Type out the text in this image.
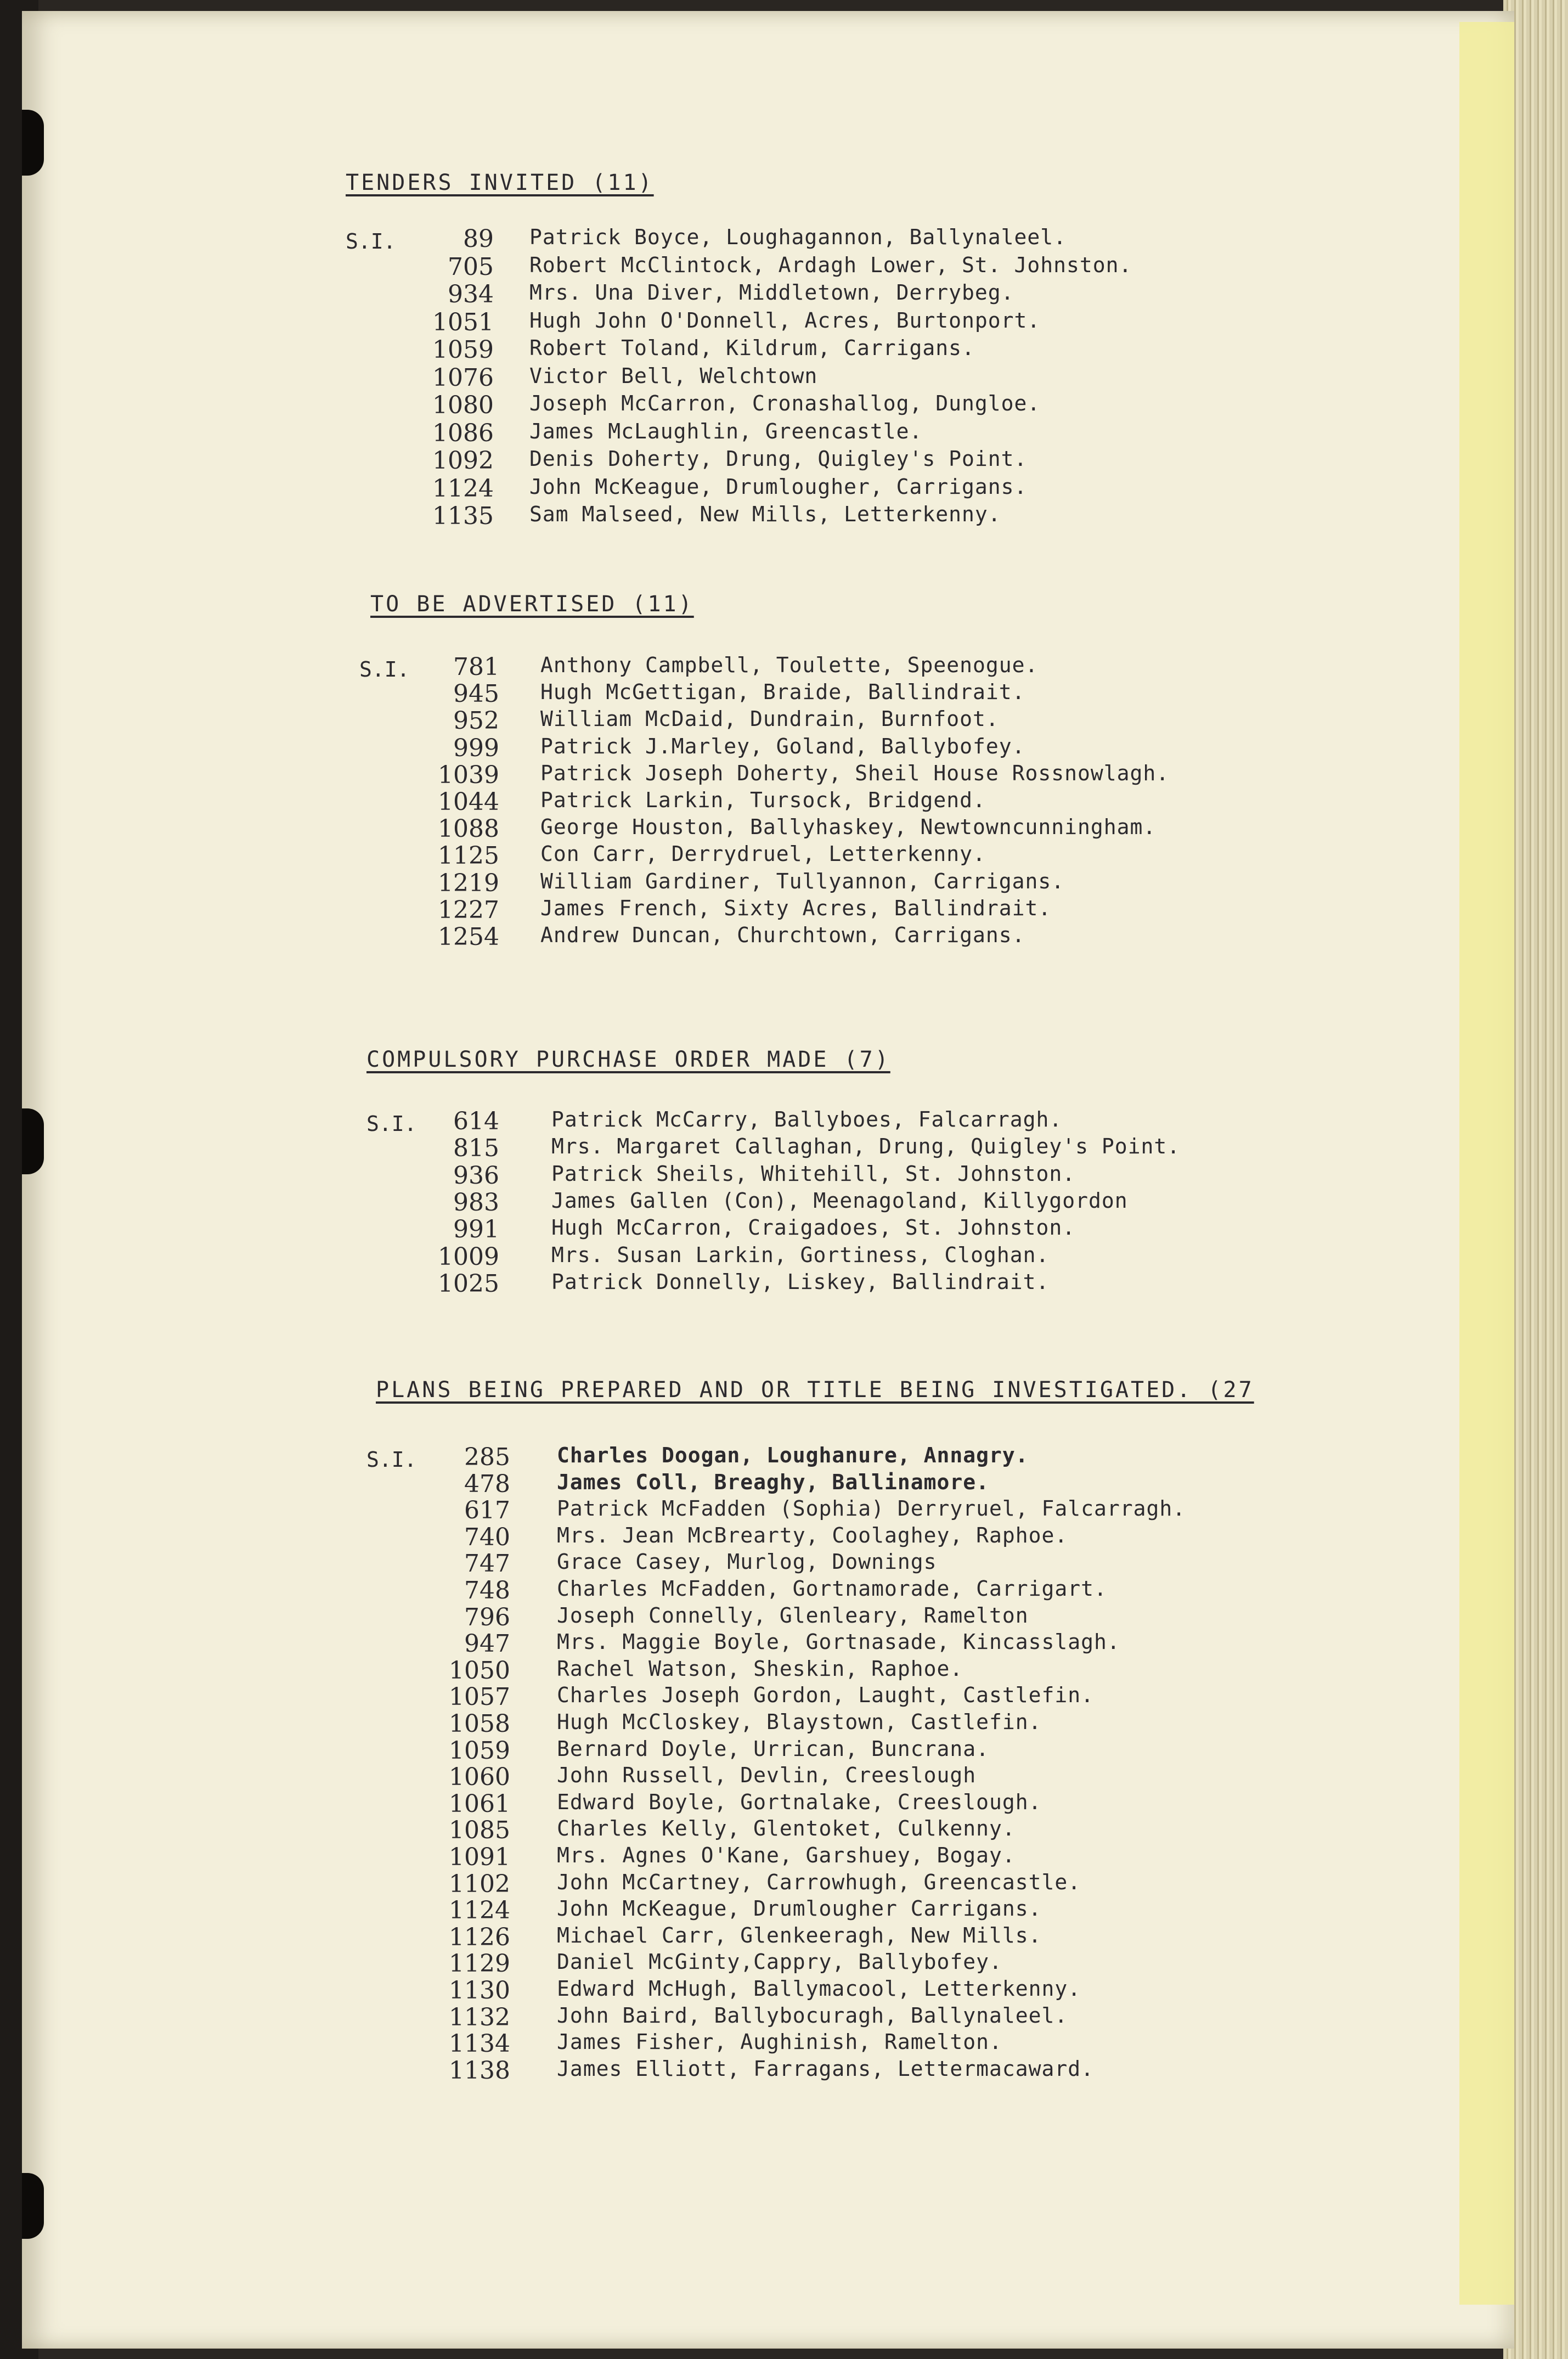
TENDERS INVITED (11)
S.I.	89 Patrick Boyce, Loughagannon, Ballynaleel.
705 Robert McClintock, Ardagh Lower, St. Johnston.
934 Mrs. Una Diver, Middletown, Derrybeg.
1051 Hugh John O'Donnell, Acres, Burtonport.
1059 Robert Toland, Kildrum, Carrigans.
1076 Victor Bell, Welchtown
1080 Joseph McCarron, Cronashallog, Dungloe.
1086 James McLaughlin, Greencastle.
1092 Denis Doherty, Drung, Quigley's Point.
1124 John McKeague, Drumlougher, Carrigans.
1135 Sam Malseed, New Mills, Letterkenny.
TO BE ADVERTISED (11)
S.I.	781 Anthony Campbell, Toulette, Speenogue.
945 Hugh McGettigan, Braide, Ballindrait.
952 William McDaid, Dundrain, Burnfoot.
999 Patrick J.Marley, Goland, Ballybofey.
1039 Patrick Joseph Doherty, Sheil House Rossnowlagh.
1044 Patrick Larkin, Tursock, Bridgend.
1088 George Houston, Ballyhaskey, Newtowncunningham.
1125 Con Carr, Derrydruel, Letterkenny.
1219 William Gardiner, Tullyannon, Carrigans.
1227 James French, Sixty Acres, Ballindrait.
1254 Andrew Duncan, Churchtown, Carrigans.
COMPULSORY PURCHASE ORDER MADE (7)
S.I.	614	Patrick McCarry, Ballyboes, Falcarragh.
815	Mrs. Margaret Callaghan, Drung, Quigley's Point.
936	Patrick Sheils, Whitehill, St. Johnston.
983	James Gallen (Con), Meenagoland, Killygordon
991	Hugh McCarron, Craigadoes, St. Johnston.
1009	Mrs. Susan Larkin, Gortiness, Cloghan.
1025	Patrick Donnelly, Liskey, Ballindrait.
PLANS BEING PREPARED AND OR TITLE BEING INVESTIGATED. (27
S.I.	285 Charles Doogan, Loughanure, Annagry.
478 James Coll, Breaghy, Ballinamore.
617 Patrick McFadden (Sophia) Derryruel, Falcarragh.
740 Mrs. Jean McBrearty, Coolaghey, Raphoe.
747 Grace Casey, Murlog, Downings
748 Charles McFadden, Gortnamorade, Carrigart.
796 Joseph Connelly, Glenleary, Ramelton
947 Mrs. Maggie Boyle, Gortnasade, Kincasslagh.
1050 Rachel Watson, Sheskin, Raphoe.
1057 Charles Joseph Gordon, Laught, Castlefin.
1058 Hugh McCloskey, Blaystown, Castlefin.
1059 Bernard Doyle, Urrican, Buncrana.
1060 John Russell, Devlin, Creeslough
1061 Edward Boyle, Gortnalake, Creeslough.
1085 Charles Kelly, Glentoket, Culkenny.
1091 Mrs. Agnes O'Kane, Garshuey, Bogay.
1102 John McCartney, Carrowhugh, Greencastle.
1124 John McKeague, Drumlougher Carrigans.
1126 Michael Carr, Glenkeeragh, New Mills.
1129 Daniel McGinty,Cappry, Ballybofey.
1130 Edward McHugh, Ballymacool, Letterkenny.
1132 John Baird, Ballybocuragh, Ballynaleel.
1134 James Fisher, Aughinish, Ramelton.
1138 James Elliott, Farragans, Lettermacaward.
